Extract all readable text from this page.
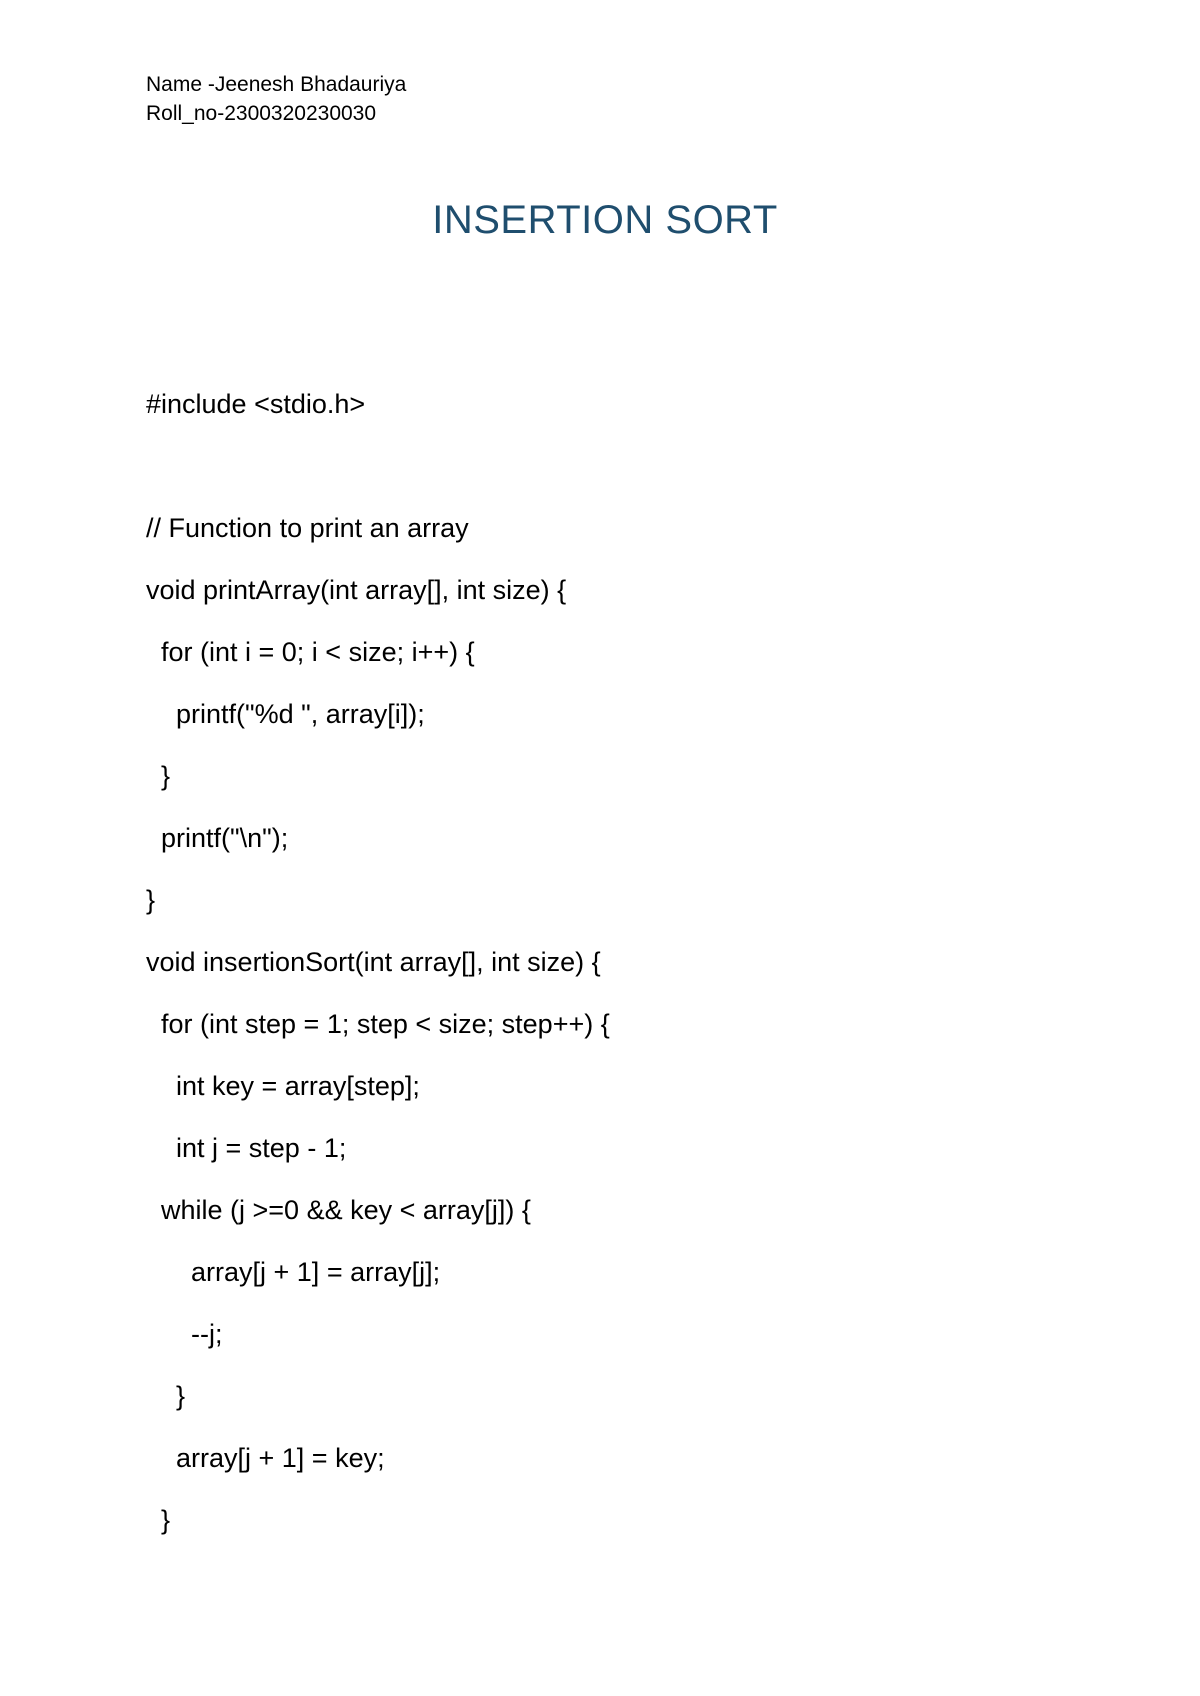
Name -Jeenesh Bhadauriya
Roll_no-2300320230030
INSERTION SORT
#include <stdio.h>
// Function to print an array
void printArray(int array[], int size) {
for (int i = 0; i < size; i++) {
printf("%d ", array[i]);
}
printf("\n");
}
void insertionSort(int array[], int size) {
for (int step = 1; step < size; step++) {
int key = array[step];
int j = step - 1;
while (j >=0 && key < array[j]) {
array[j + 1] = array[j];
--j;
}
array[j + 1] = key;
}
